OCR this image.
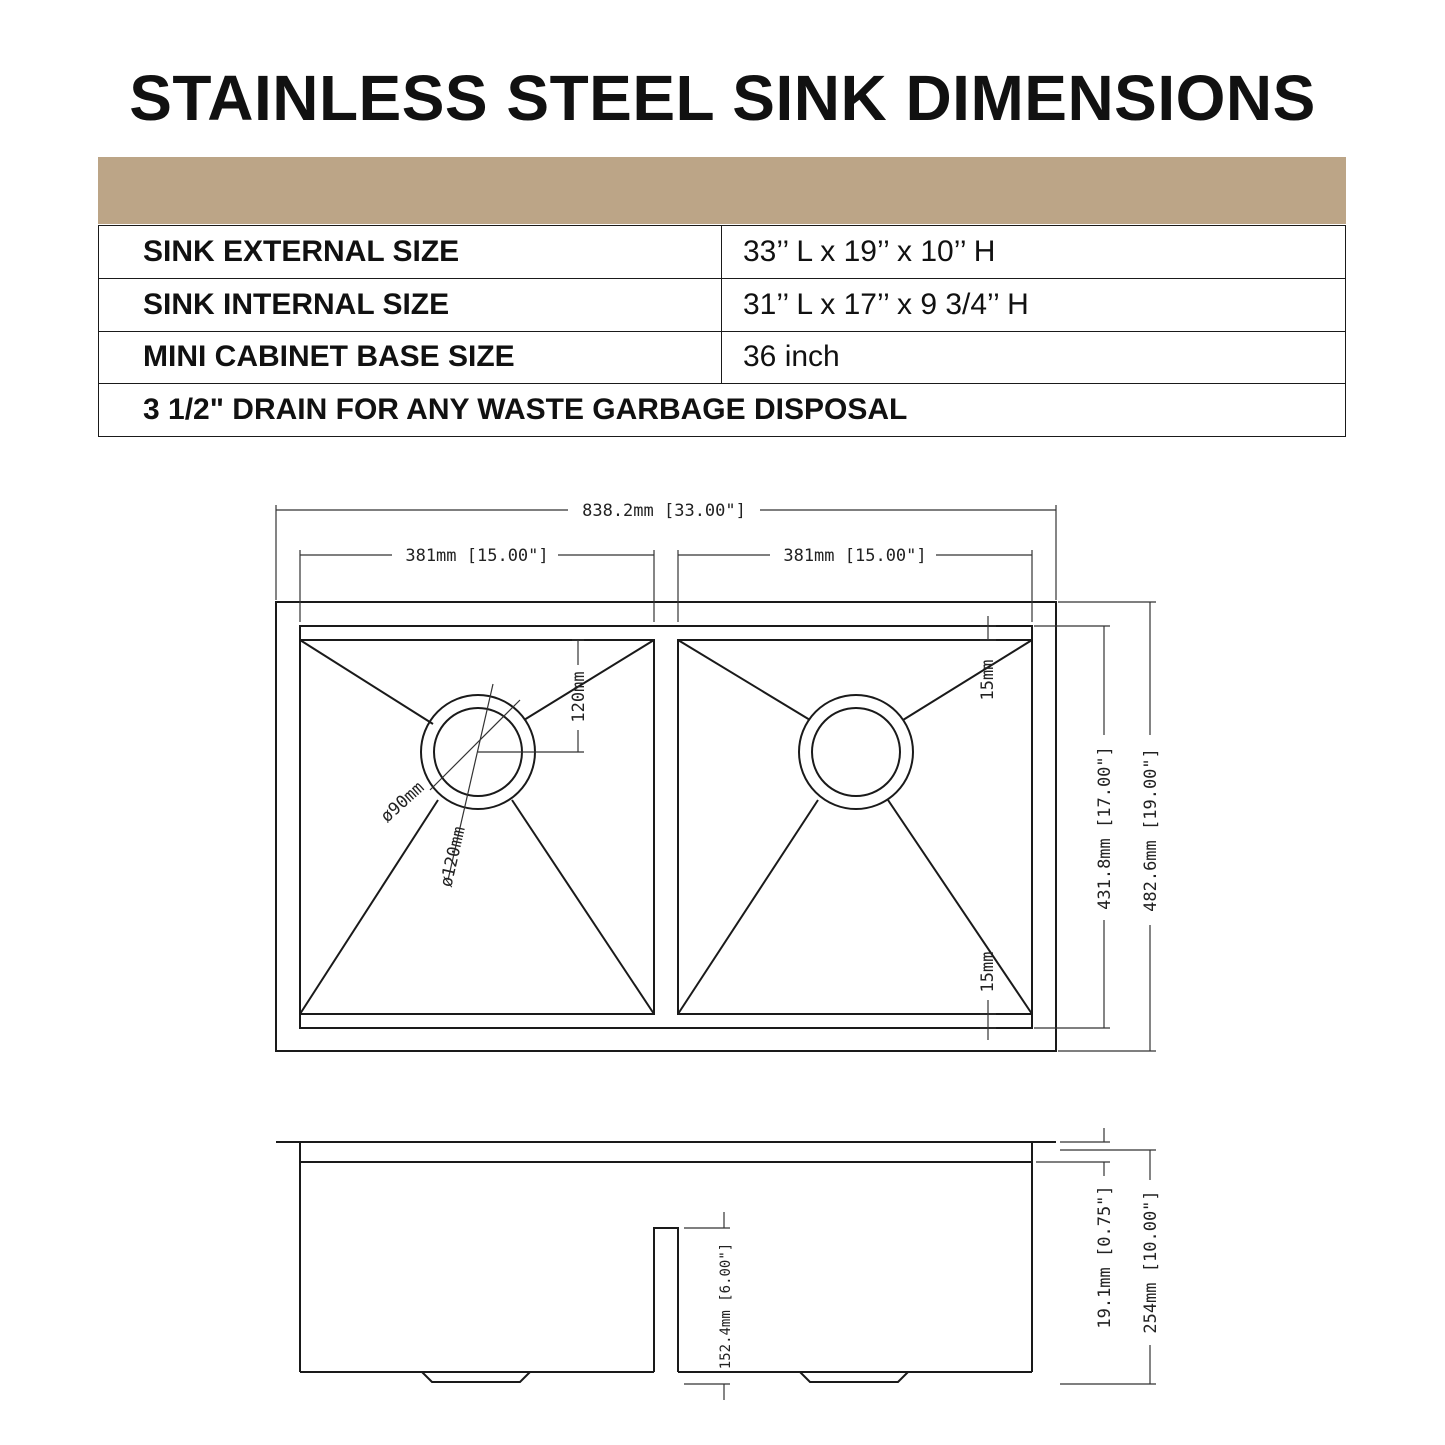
STAINLESS STEEL SINK DIMENSIONS
SINK EXTERNAL SIZE	33’’ L x 19’’ x 10’’ H
SINK INTERNAL SIZE	31’’ L x 17’’ x 9 3/4’’ H
MINI CABINET BASE SIZE	36 inch
3 1/2" DRAIN FOR ANY WASTE GARBAGE DISPOSAL	
838.2mm [33.00"]
381mm [15.00"]	381mm [15.00"]
120mm
ø90mm
ø120mm
15mm
15mm
431.8mm [17.00"] 482.6mm [19.00"]
152.4mm [6.00"]	19.1mm [0.75"] 254mm [10.00"]
